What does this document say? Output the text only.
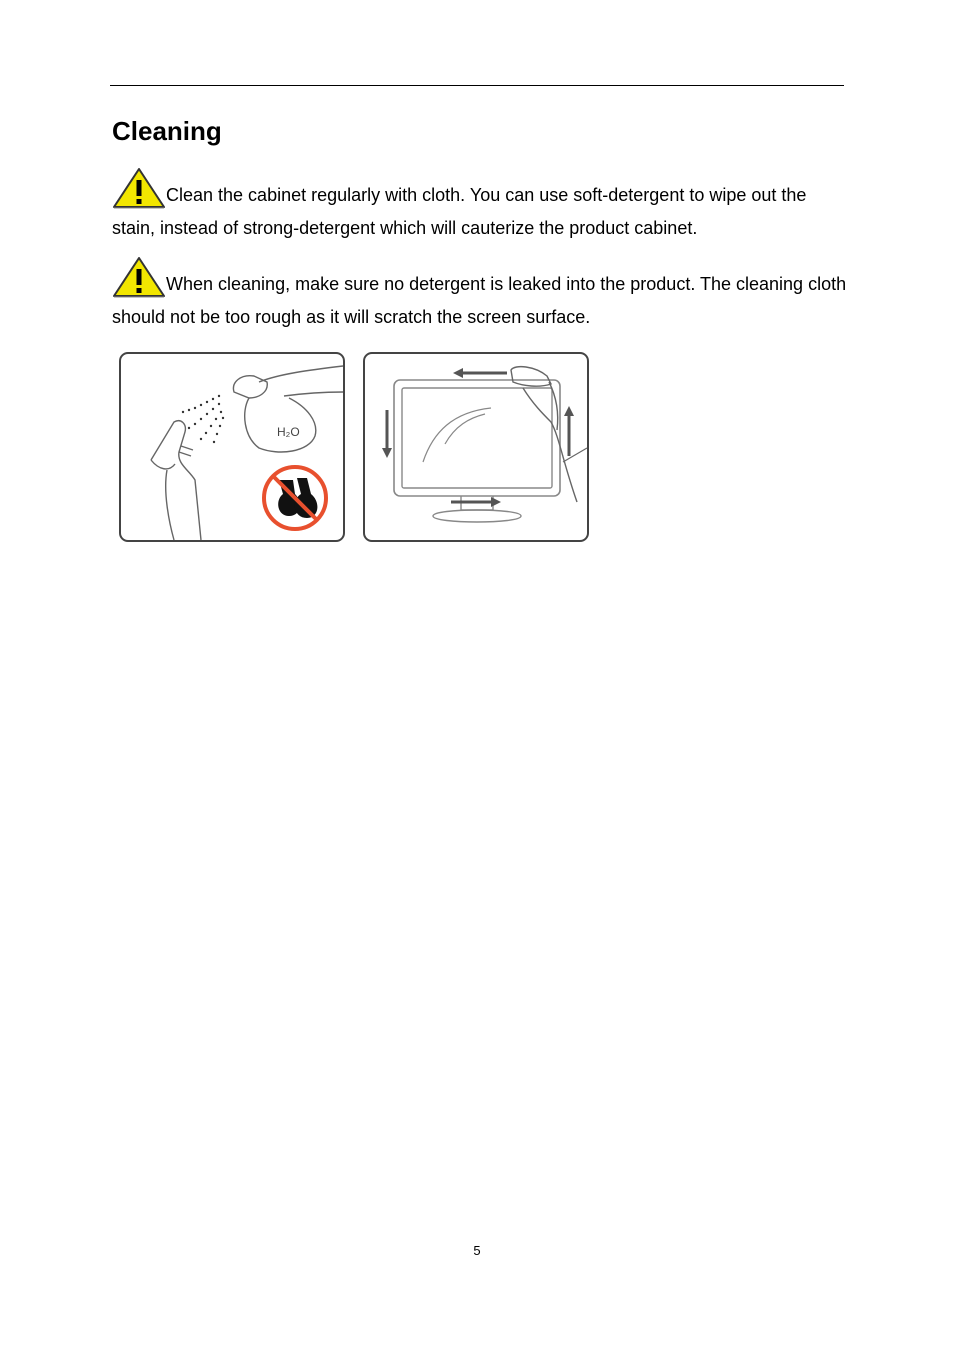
Cleaning

Clean the cabinet regularly with cloth. You can use soft-detergent to wipe out the stain, instead of strong-detergent which will cauterize the product cabinet.

When cleaning, make sure no detergent is leaked into the product. The cleaning cloth should not be too rough as it will scratch the screen surface.

H₂O
5
